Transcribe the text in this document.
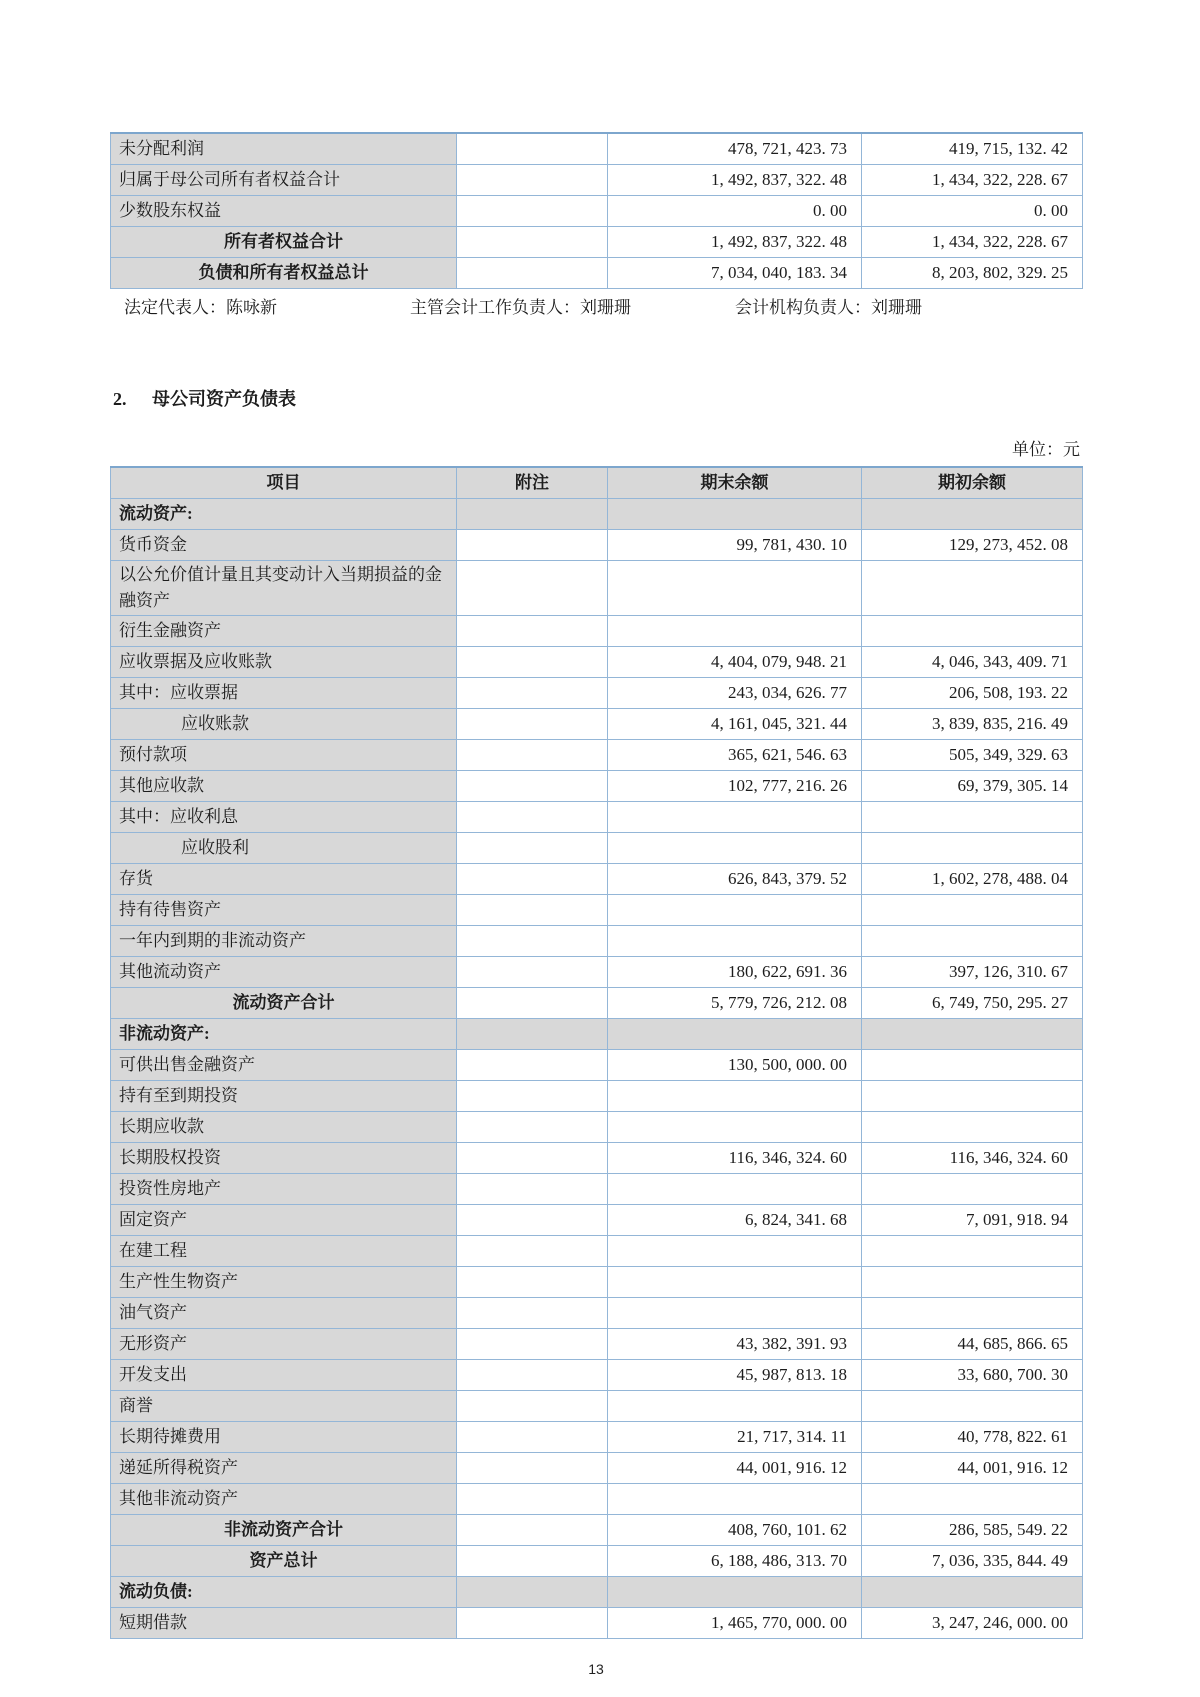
未分配利润		478, 721, 423. 73	419, 715, 132. 42
归属于母公司所有者权益合计		1, 492, 837, 322. 48	1, 434, 322, 228. 67
少数股东权益		0. 00	0. 00
所有者权益合计		1, 492, 837, 322. 48	1, 434, 322, 228. 67
负债和所有者权益总计		7, 034, 040, 183. 34	8, 203, 802, 329. 25
法定代表人：陈咏新	主管会计工作负责人：刘珊珊	会计机构负责人：刘珊珊
2.	母公司资产负债表
单位：元
项目	附注	期末余额	期初余额
流动资产:			
货币资金		99, 781, 430. 10	129, 273, 452. 08
以公允价值计量且其变动计入当期损益的金融资产			
衍生金融资产			
应收票据及应收账款		4, 404, 079, 948. 21	4, 046, 343, 409. 71
其中：应收票据		243, 034, 626. 77	206, 508, 193. 22
应收账款		4, 161, 045, 321. 44	3, 839, 835, 216. 49
预付款项		365, 621, 546. 63	505, 349, 329. 63
其他应收款		102, 777, 216. 26	69, 379, 305. 14
其中：应收利息			
应收股利			
存货		626, 843, 379. 52	1, 602, 278, 488. 04
持有待售资产			
一年内到期的非流动资产			
其他流动资产		180, 622, 691. 36	397, 126, 310. 67
流动资产合计		5, 779, 726, 212. 08	6, 749, 750, 295. 27
非流动资产:			
可供出售金融资产		130, 500, 000. 00	
持有至到期投资			
长期应收款			
长期股权投资		116, 346, 324. 60	116, 346, 324. 60
投资性房地产			
固定资产		6, 824, 341. 68	7, 091, 918. 94
在建工程			
生产性生物资产			
油气资产			
无形资产		43, 382, 391. 93	44, 685, 866. 65
开发支出		45, 987, 813. 18	33, 680, 700. 30
商誉			
长期待摊费用		21, 717, 314. 11	40, 778, 822. 61
递延所得税资产		44, 001, 916. 12	44, 001, 916. 12
其他非流动资产			
非流动资产合计		408, 760, 101. 62	286, 585, 549. 22
资产总计		6, 188, 486, 313. 70	7, 036, 335, 844. 49
流动负债:			
短期借款		1, 465, 770, 000. 00	3, 247, 246, 000. 00
13
